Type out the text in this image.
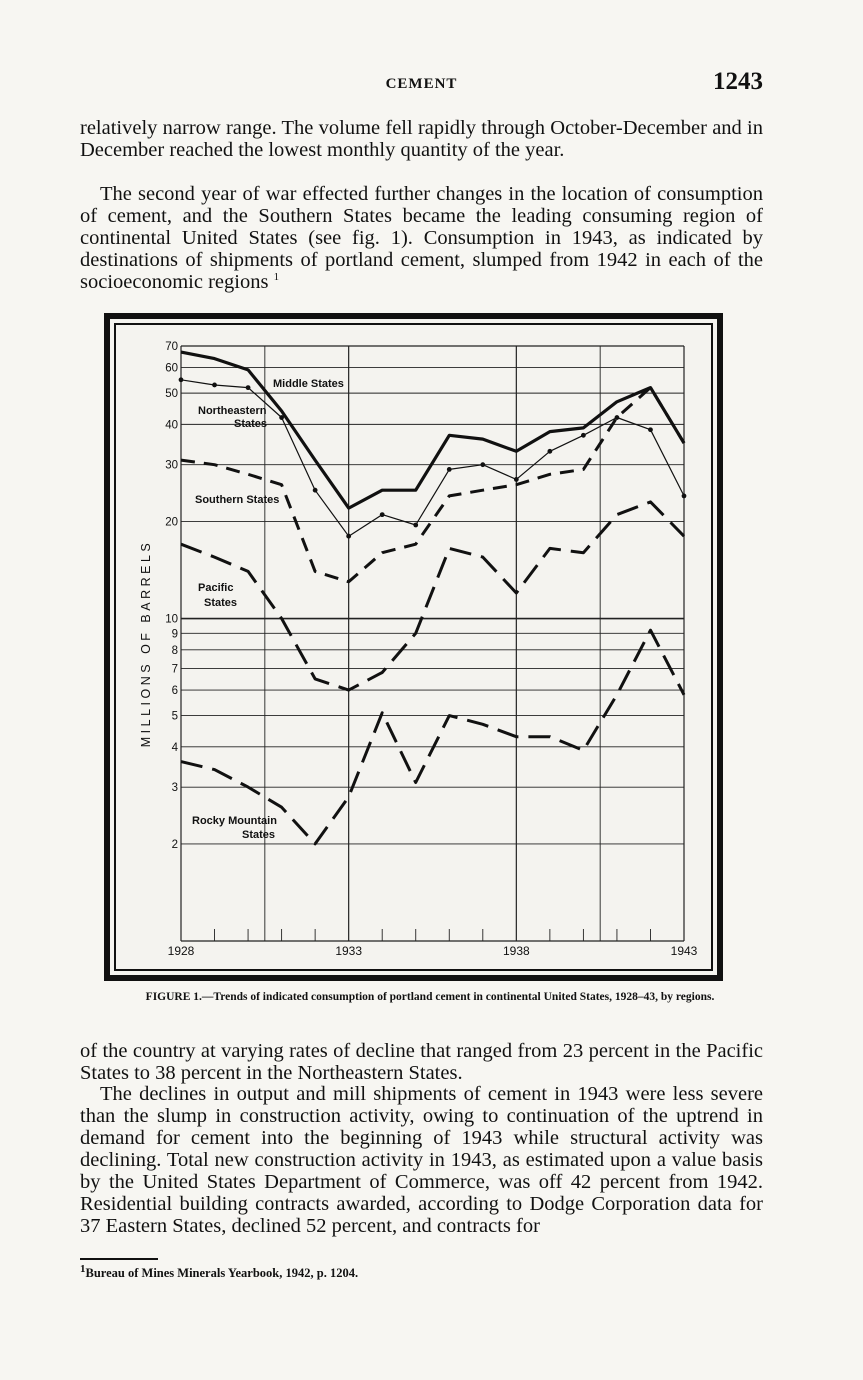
CEMENT	1243

relatively narrow range. The volume fell rapidly through October-December and in December reached the lowest monthly quantity of the year.

The second year of war effected further changes in the location of consumption of cement, and the Southern States became the leading consuming region of continental United States (see fig. 1). Consumption in 1943, as indicated by destinations of shipments of portland cement, slumped from 1942 in each of the socioeconomic regions $^1$

2
3
4
5
6
7
8
9
10
20
30
40
50
60
70
1928	1933	1938	1943
MILLIONS OF BARRELS
Middle States
Northeastern
States
Southern States
Pacific
States
Rocky Mountain
States
FIGURE 1.—Trends of indicated consumption of portland cement in continental United States, 1928–43, by regions.

of the country at varying rates of decline that ranged from 23 percent in the Pacific States to 38 percent in the Northeastern States.

The declines in output and mill shipments of cement in 1943 were less severe than the slump in construction activity, owing to continuation of the uptrend in demand for cement into the beginning of 1943 while structural activity was declining. Total new construction activity in 1943, as estimated upon a value basis by the United States Department of Commerce, was off 42 percent from 1942. Residential building contracts awarded, according to Dodge Corporation data for 37 Eastern States, declined 52 percent, and contracts for

1Bureau of Mines Minerals Yearbook, 1942, p. 1204.
